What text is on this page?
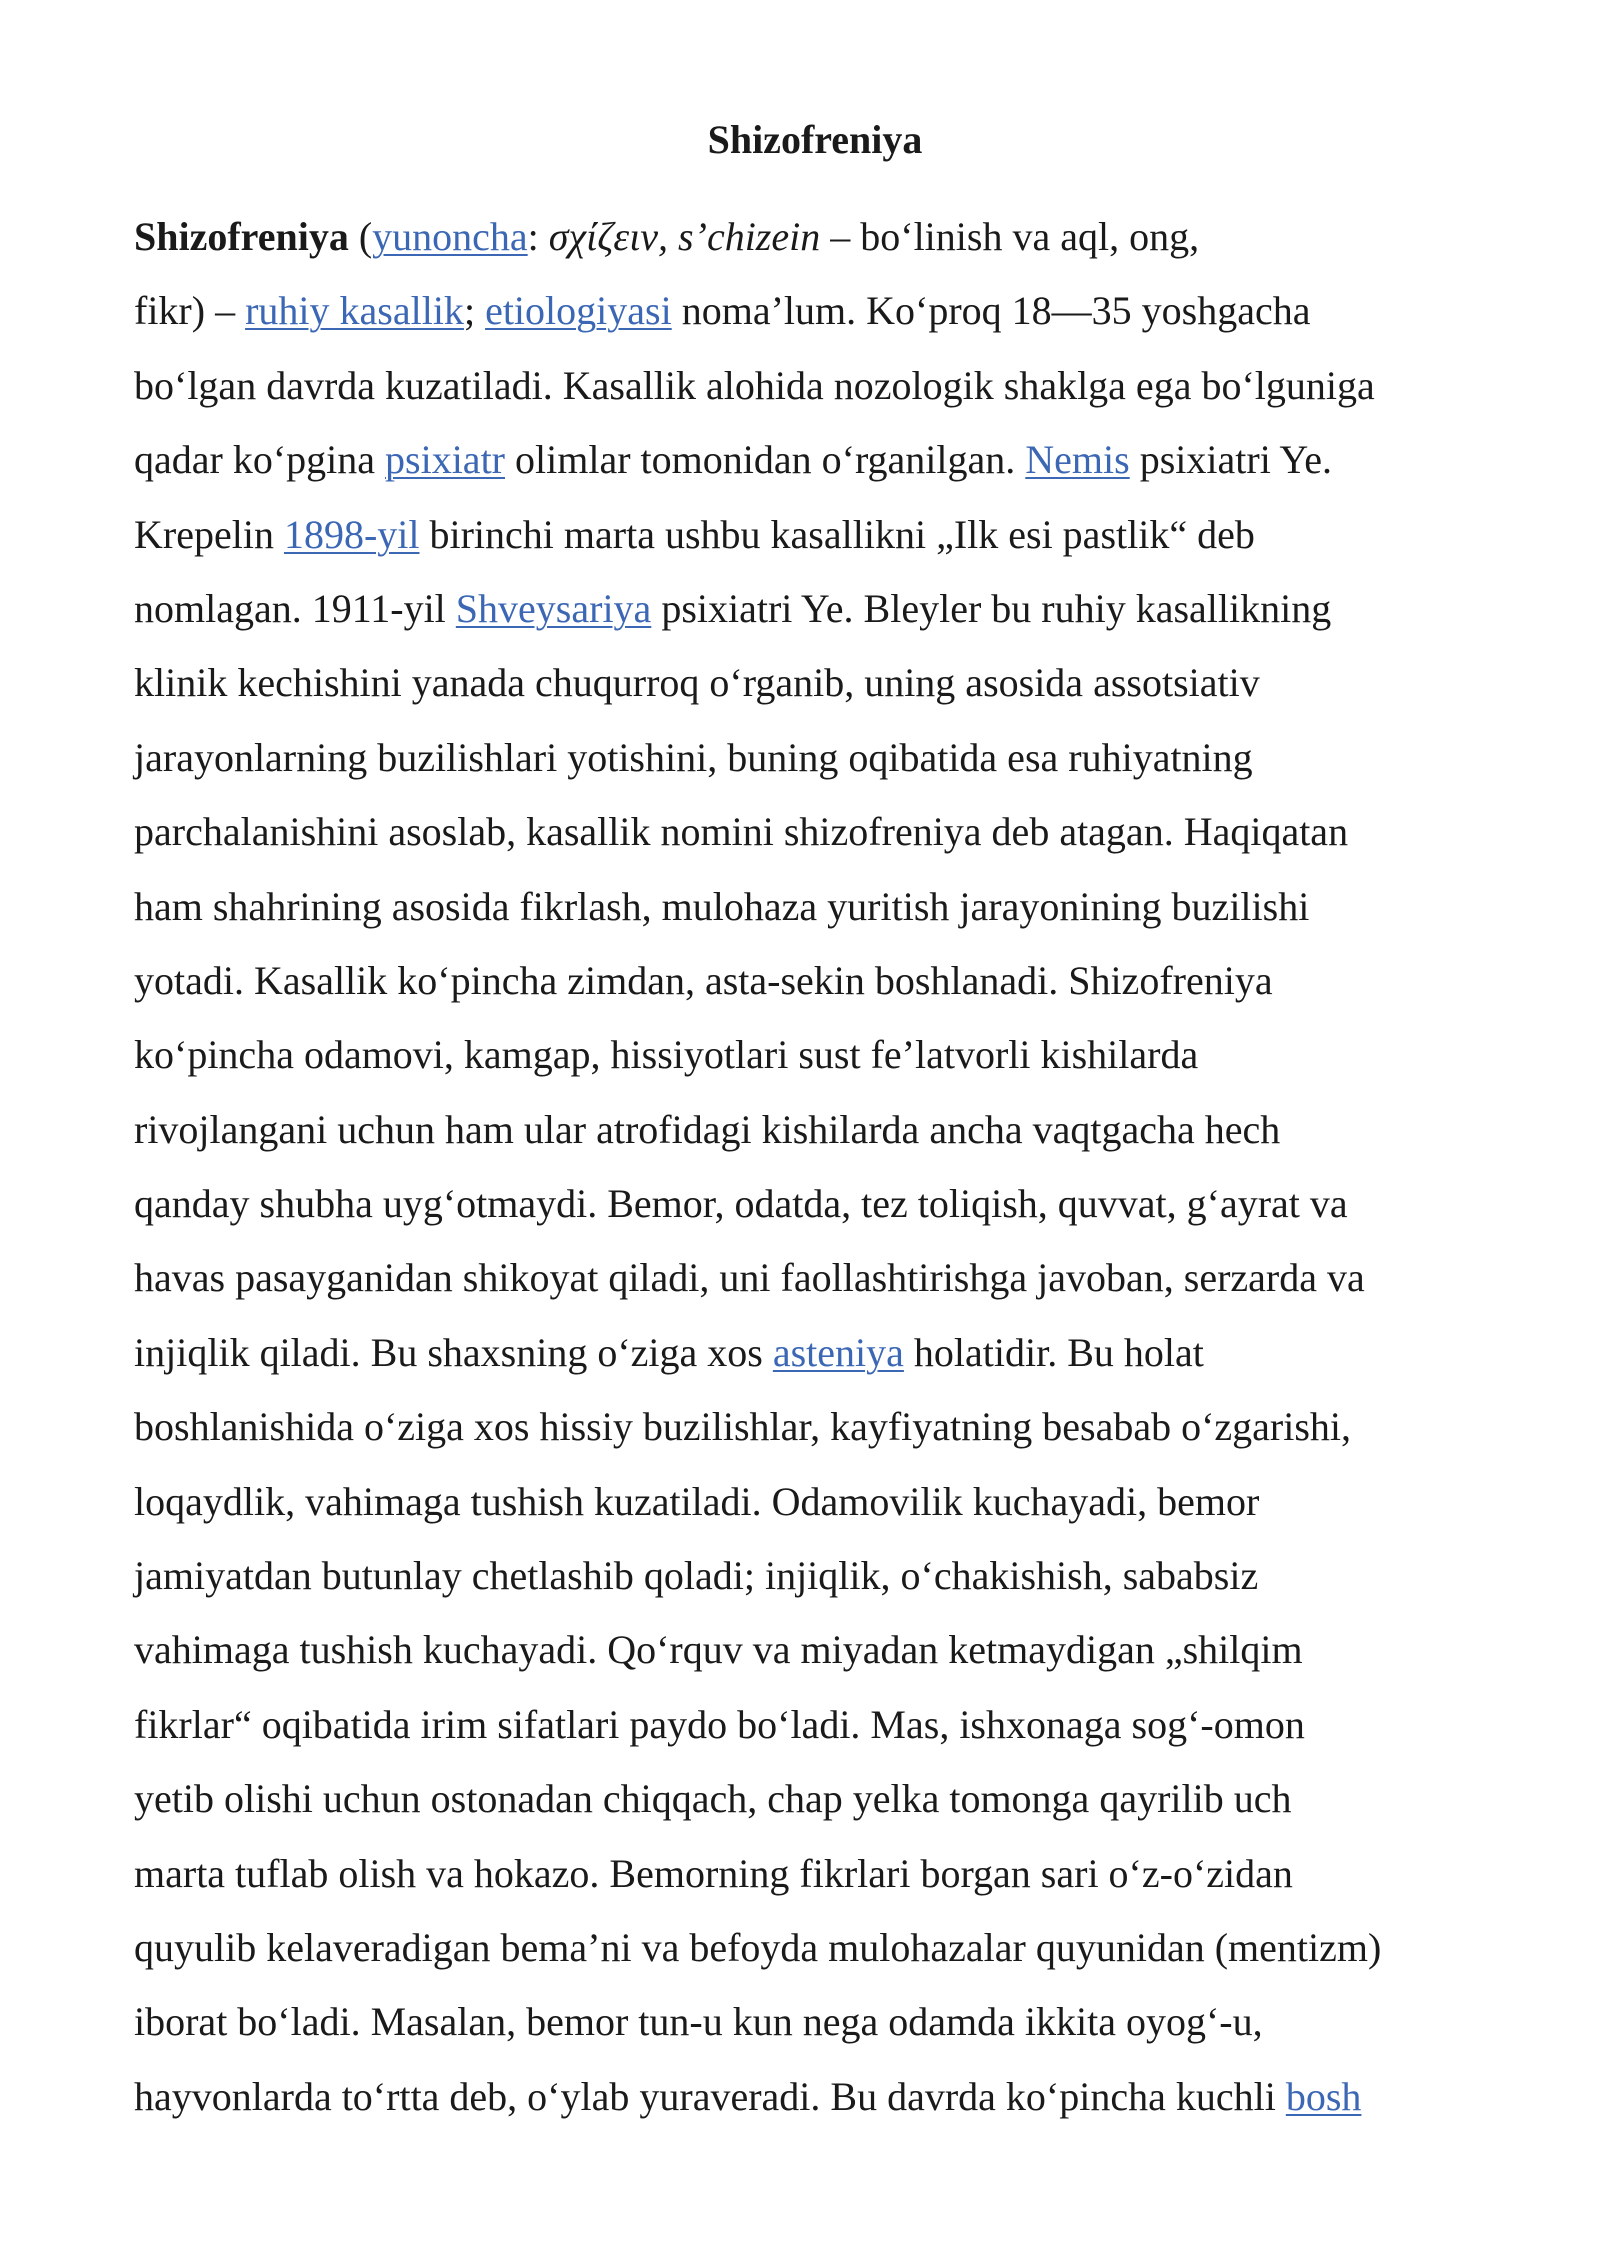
Shizofreniya
Shizofreniya (yunoncha: σχίζειν, s’chizein – bo‘linish va aql, ong,
fikr) – ruhiy kasallik; etiologiyasi noma’lum. Ko‘proq 18—35 yoshgacha
bo‘lgan davrda kuzatiladi. Kasallik alohida nozologik shaklga ega bo‘lguniga
qadar ko‘pgina psixiatr olimlar tomonidan o‘rganilgan. Nemis psixiatri Ye.
Krepelin 1898-yil birinchi marta ushbu kasallikni „Ilk esi pastlik“ deb
nomlagan. 1911-yil Shveysariya psixiatri Ye. Bleyler bu ruhiy kasallikning
klinik kechishini yanada chuqurroq o‘rganib, uning asosida assotsiativ
jarayonlarning buzilishlari yotishini, buning oqibatida esa ruhiyatning
parchalanishini asoslab, kasallik nomini shizofreniya deb atagan. Haqiqatan
ham shahrining asosida fikrlash, mulohaza yuritish jarayonining buzilishi
yotadi. Kasallik ko‘pincha zimdan, asta-sekin boshlanadi. Shizofreniya
ko‘pincha odamovi, kamgap, hissiyotlari sust fe’latvorli kishilarda
rivojlangani uchun ham ular atrofidagi kishilarda ancha vaqtgacha hech
qanday shubha uyg‘otmaydi. Bemor, odatda, tez toliqish, quvvat, g‘ayrat va
havas pasayganidan shikoyat qiladi, uni faollashtirishga javoban, serzarda va
injiqlik qiladi. Bu shaxsning o‘ziga xos asteniya holatidir. Bu holat
boshlanishida o‘ziga xos hissiy buzilishlar, kayfiyatning besabab o‘zgarishi,
loqaydlik, vahimaga tushish kuzatiladi. Odamovilik kuchayadi, bemor
jamiyatdan butunlay chetlashib qoladi; injiqlik, o‘chakishish, sababsiz
vahimaga tushish kuchayadi. Qo‘rquv va miyadan ketmaydigan „shilqim
fikrlar“ oqibatida irim sifatlari paydo bo‘ladi. Mas, ishxonaga sog‘-omon
yetib olishi uchun ostonadan chiqqach, chap yelka tomonga qayrilib uch
marta tuflab olish va hokazo. Bemorning fikrlari borgan sari o‘z-o‘zidan
quyulib kelaveradigan bema’ni va befoyda mulohazalar quyunidan (mentizm)
iborat bo‘ladi. Masalan, bemor tun-u kun nega odamda ikkita oyog‘-u,
hayvonlarda to‘rtta deb, o‘ylab yuraveradi. Bu davrda ko‘pincha kuchli bosh
